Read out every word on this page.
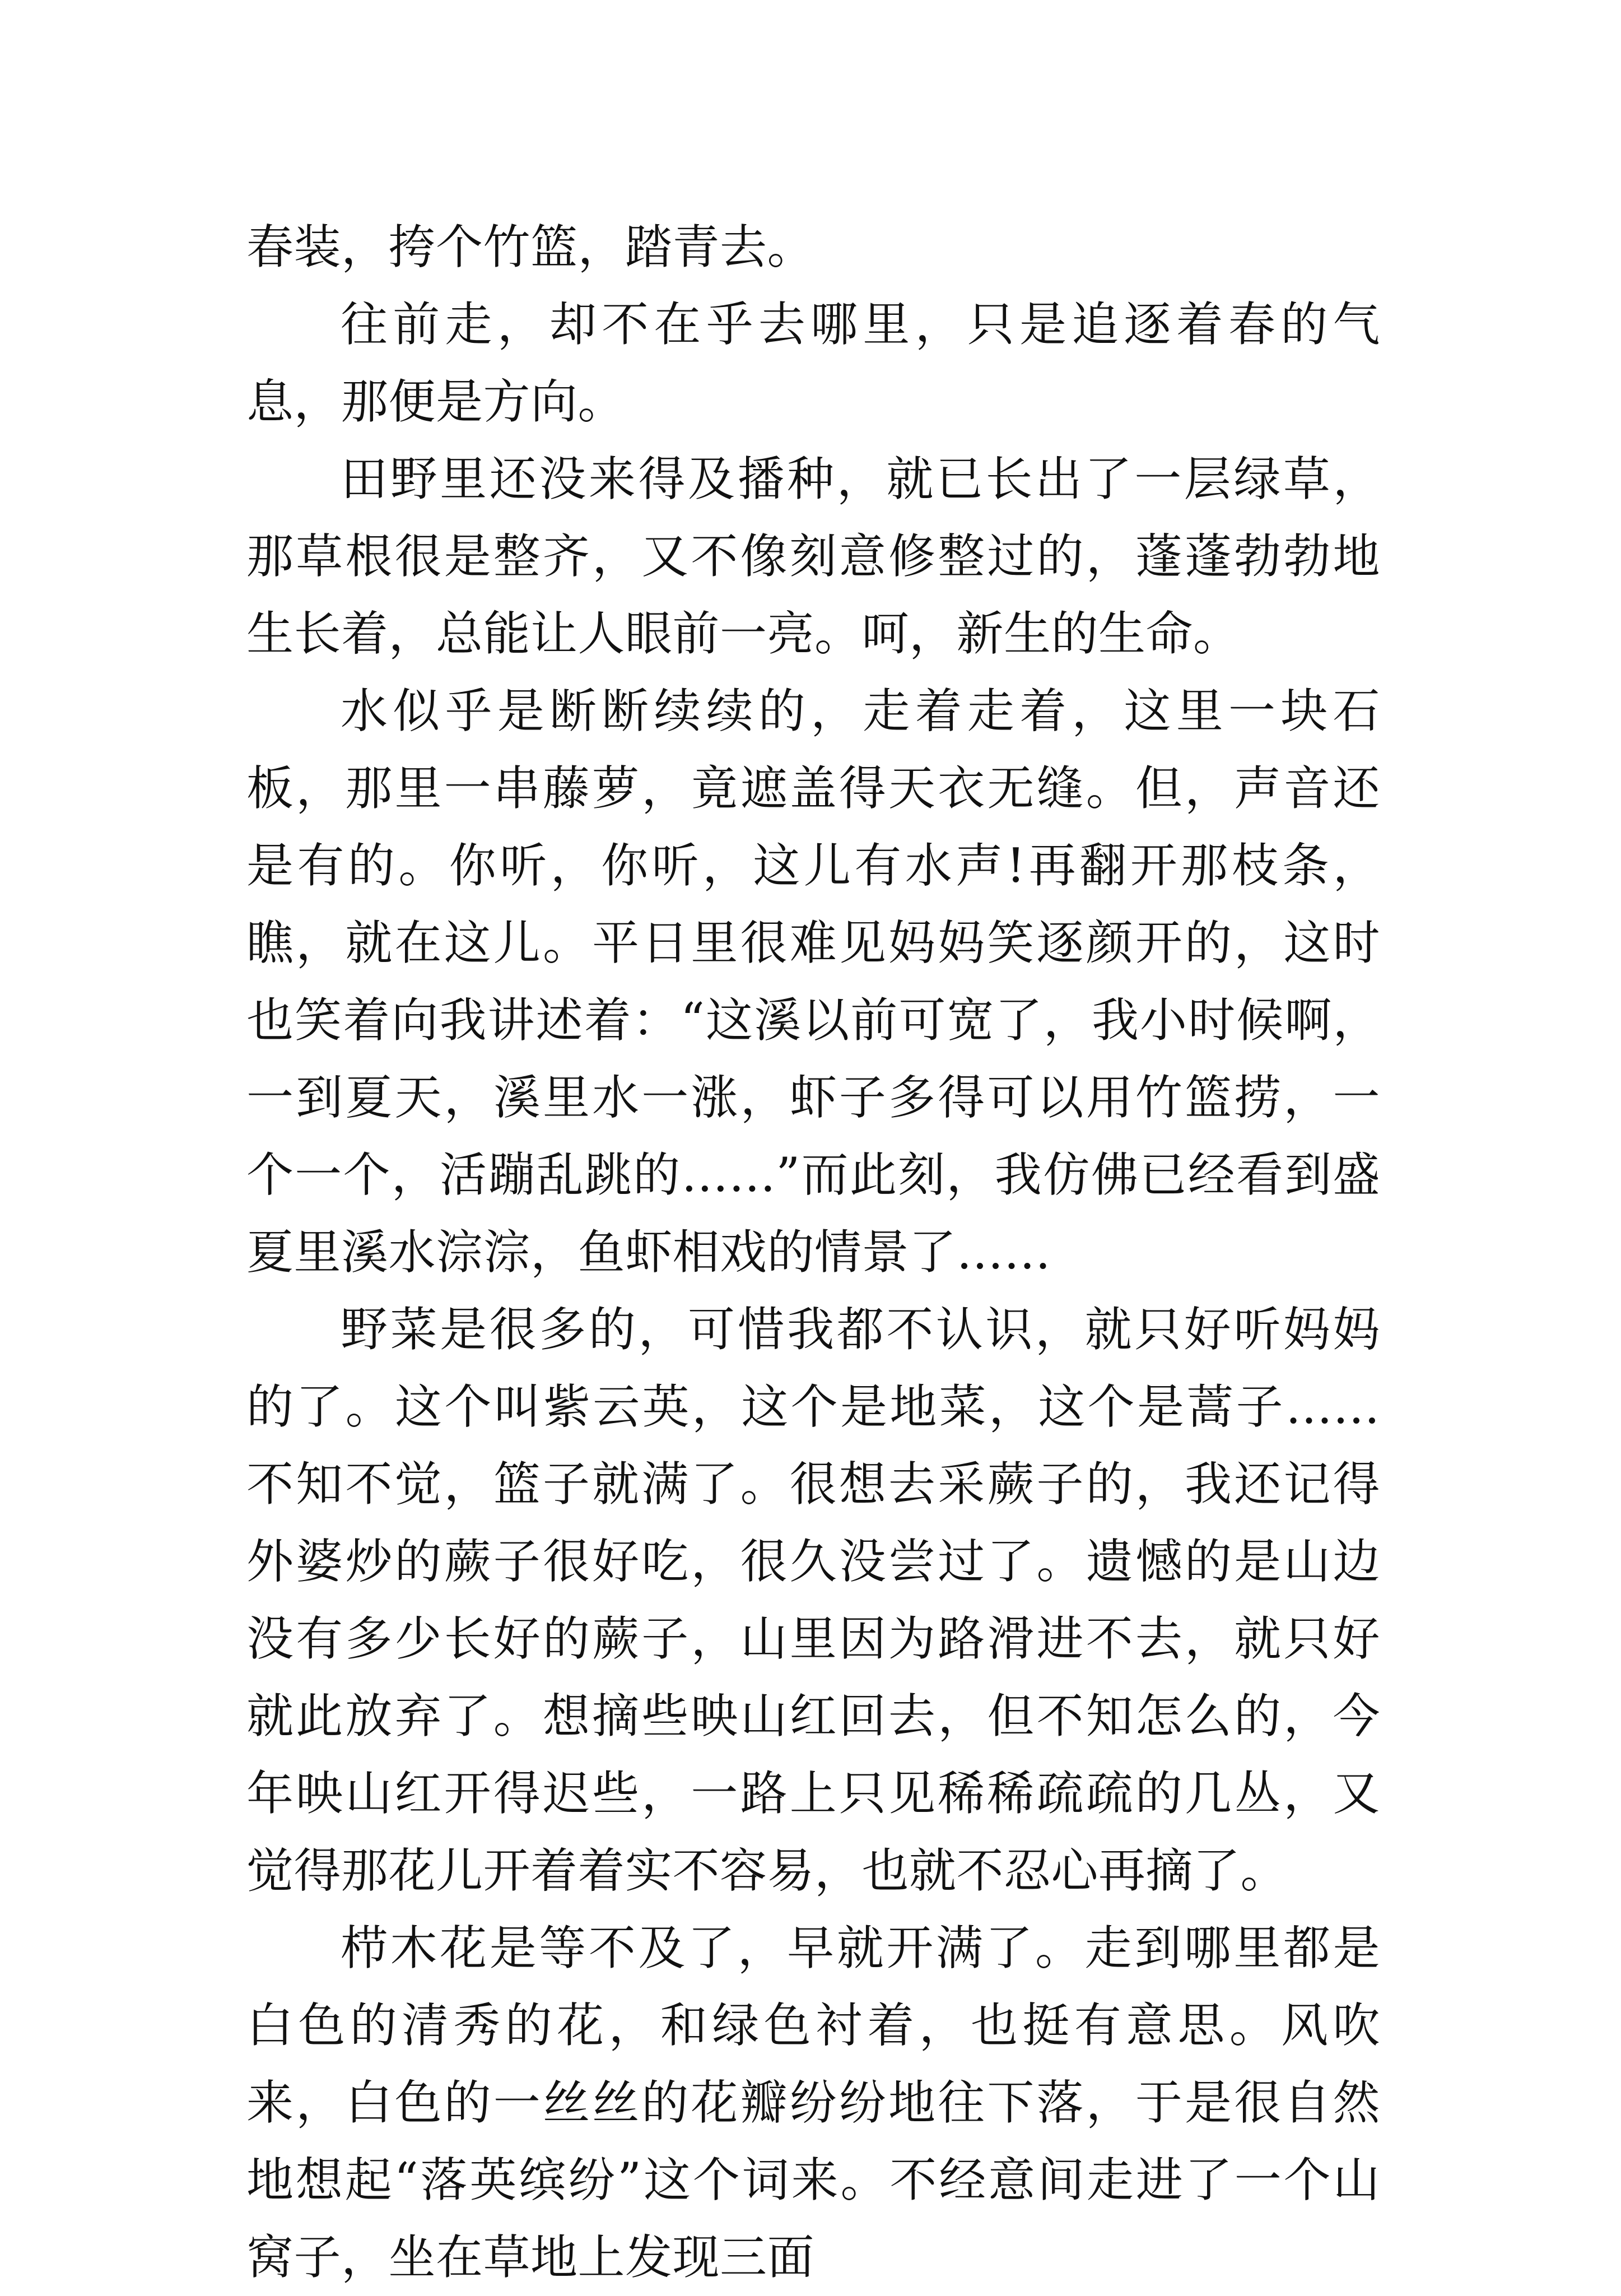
春装，挎个竹篮，踏青去。

往前走，却不在乎去哪里，只是追逐着春的气息，那便是方向。

田野里还没来得及播种，就已长出了一层绿草，那草根很是整齐，又不像刻意修整过的，蓬蓬勃勃地生长着，总能让人眼前一亮。呵，新生的生命。

水似乎是断断续续的，走着走着，这里一块石板，那里一串藤萝，竟遮盖得天衣无缝。但，声音还是有的。你听，你听，这儿有水声!再翻开那枝条，瞧，就在这儿。平日里很难见妈妈笑逐颜开的，这时也笑着向我讲述着：“这溪以前可宽了，我小时候啊，一到夏天，溪里水一涨，虾子多得可以用竹篮捞，一个一个，活蹦乱跳的……”而此刻，我仿佛已经看到盛夏里溪水淙淙，鱼虾相戏的情景了……

野菜是很多的，可惜我都不认识，就只好听妈妈的了。这个叫紫云英，这个是地菜，这个是蒿子……不知不觉，篮子就满了。很想去采蕨子的，我还记得外婆炒的蕨子很好吃，很久没尝过了。遗憾的是山边没有多少长好的蕨子，山里因为路滑进不去，就只好就此放弃了。想摘些映山红回去，但不知怎么的，今年映山红开得迟些，一路上只见稀稀疏疏的几丛，又觉得那花儿开着着实不容易，也就不忍心再摘了。

栉木花是等不及了，早就开满了。走到哪里都是白色的清秀的花，和绿色衬着，也挺有意思。风吹来，白色的一丝丝的花瓣纷纷地往下落，于是很自然地想起“落英缤纷”这个词来。不经意间走进了一个山窝子，坐在草地上发现三面
